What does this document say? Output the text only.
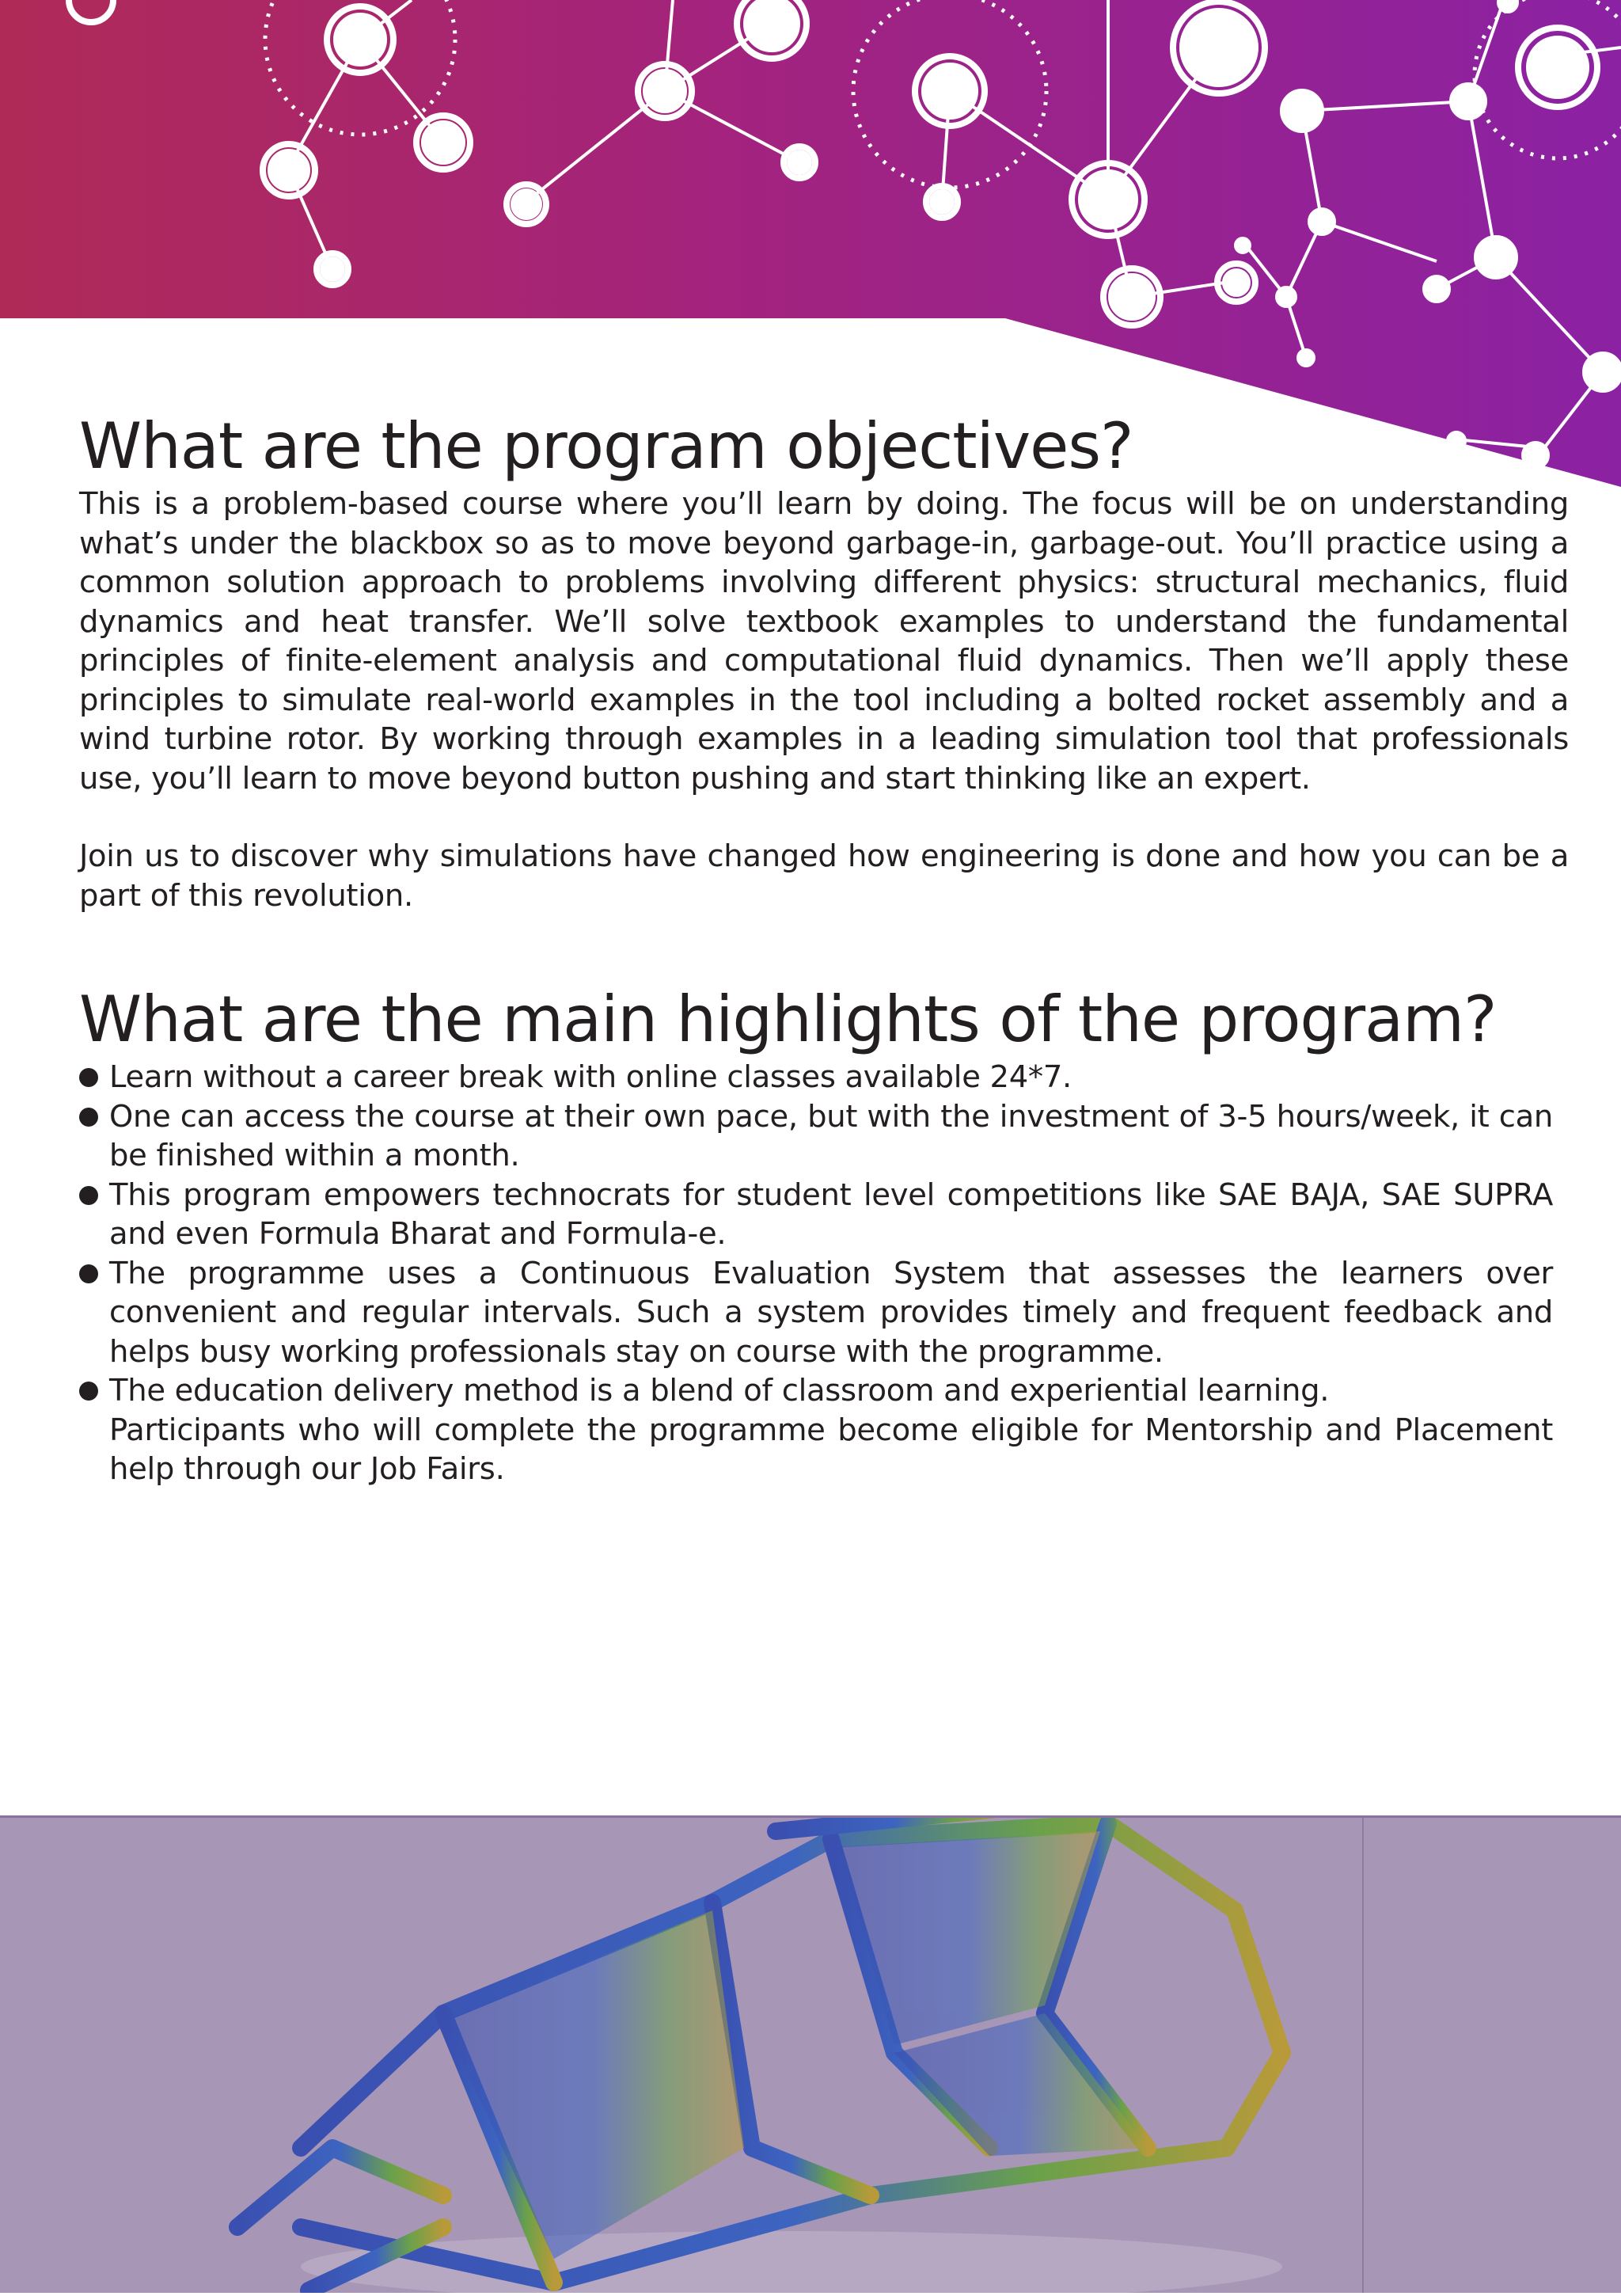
What are the program objectives?

This is a problem-based course where you’ll learn by doing. The focus will be on understanding what’s under the blackbox so as to move beyond garbage-in, garbage-out. You’ll practice using a common solution approach to problems involving different physics: structural mechanics, fluid dynamics and heat transfer. We’ll solve textbook examples to understand the fundamental principles of finite-element analysis and computational fluid dynamics. Then we’ll apply these principles to simulate real-world examples in the tool including a bolted rocket assembly and a wind turbine rotor. By working through examples in a leading simulation tool that professionals use, you’ll learn to move beyond button pushing and start thinking like an expert.

Join us to discover why simulations have changed how engineering is done and how you can be a part of this revolution.

What are the main highlights of the program?
Learn without a career break with online classes available 24*7.
One can access the course at their own pace, but with the investment of 3-5 hours/week, it can be finished within a month.
This program empowers technocrats for student level competitions like SAE BAJA, SAE SUPRA and even Formula Bharat and Formula-e.
The programme uses a Continuous Evaluation System that assesses the learners over convenient and regular intervals. Such a system provides timely and frequent feedback and helps busy working professionals stay on course with the programme.
The education delivery method is a blend of classroom and experiential learning.
Participants who will complete the programme become eligible for Mentorship and Placement help through our Job Fairs.
